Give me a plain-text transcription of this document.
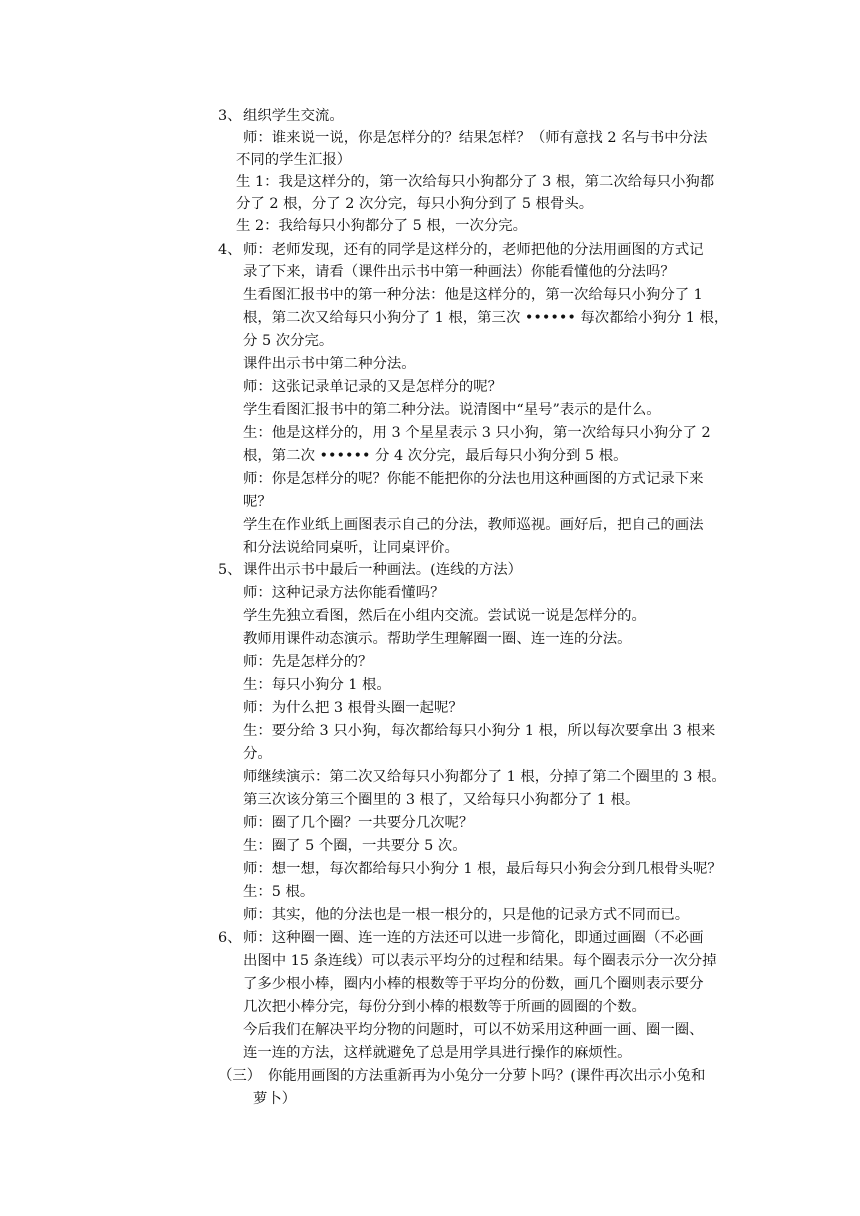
3、 组织学生交流。
师：谁来说一说，你是怎样分的？结果怎样？（师有意找 2 名与书中分法
不同的学生汇报）
生 1：我是这样分的，第一次给每只小狗都分了 3 根，第二次给每只小狗都
分了 2 根，分了 2 次分完，每只小狗分到了 5 根骨头。
生 2：我给每只小狗都分了 5 根，一次分完。
4、 师：老师发现，还有的同学是这样分的，老师把他的分法用画图的方式记
录了下来，请看（课件出示书中第一种画法）你能看懂他的分法吗？
生看图汇报书中的第一种分法：他是这样分的，第一次给每只小狗分了 1
根，第二次又给每只小狗分了 1 根，第三次 •••••• 每次都给小狗分 1 根，
分 5 次分完。
课件出示书中第二种分法。
师：这张记录单记录的又是怎样分的呢？
学生看图汇报书中的第二种分法。说清图中“星号”表示的是什么。
生：他是这样分的，用 3 个星星表示 3 只小狗，第一次给每只小狗分了 2
根，第二次 •••••• 分 4 次分完，最后每只小狗分到 5 根。
师：你是怎样分的呢？你能不能把你的分法也用这种画图的方式记录下来
呢？
学生在作业纸上画图表示自己的分法，教师巡视。画好后，把自己的画法
和分法说给同桌听，让同桌评价。
5、 课件出示书中最后一种画法。(连线的方法）
师：这种记录方法你能看懂吗？
学生先独立看图，然后在小组内交流。尝试说一说是怎样分的。
教师用课件动态演示。帮助学生理解圈一圈、连一连的分法。
师：先是怎样分的？
生：每只小狗分 1 根。
师：为什么把 3 根骨头圈一起呢？
生：要分给 3 只小狗，每次都给每只小狗分 1 根，所以每次要拿出 3 根来
分。
师继续演示：第二次又给每只小狗都分了 1 根，分掉了第二个圈里的 3 根。
第三次该分第三个圈里的 3 根了，又给每只小狗都分了 1 根。
师：圈了几个圈？一共要分几次呢？
生：圈了 5 个圈，一共要分 5 次。
师：想一想，每次都给每只小狗分 1 根，最后每只小狗会分到几根骨头呢？
生：5 根。
师：其实，他的分法也是一根一根分的，只是他的记录方式不同而已。
6、 师：这种圈一圈、连一连的方法还可以进一步简化，即通过画圈（不必画
出图中 15 条连线）可以表示平均分的过程和结果。每个圈表示分一次分掉
了多少根小棒，圈内小棒的根数等于平均分的份数，画几个圈则表示要分
几次把小棒分完，每份分到小棒的根数等于所画的圆圈的个数。
今后我们在解决平均分物的问题时，可以不妨采用这种画一画、圈一圈、
连一连的方法，这样就避免了总是用学具进行操作的麻烦性。
（三） 你能用画图的方法重新再为小兔分一分萝卜吗？(课件再次出示小兔和
萝卜）
